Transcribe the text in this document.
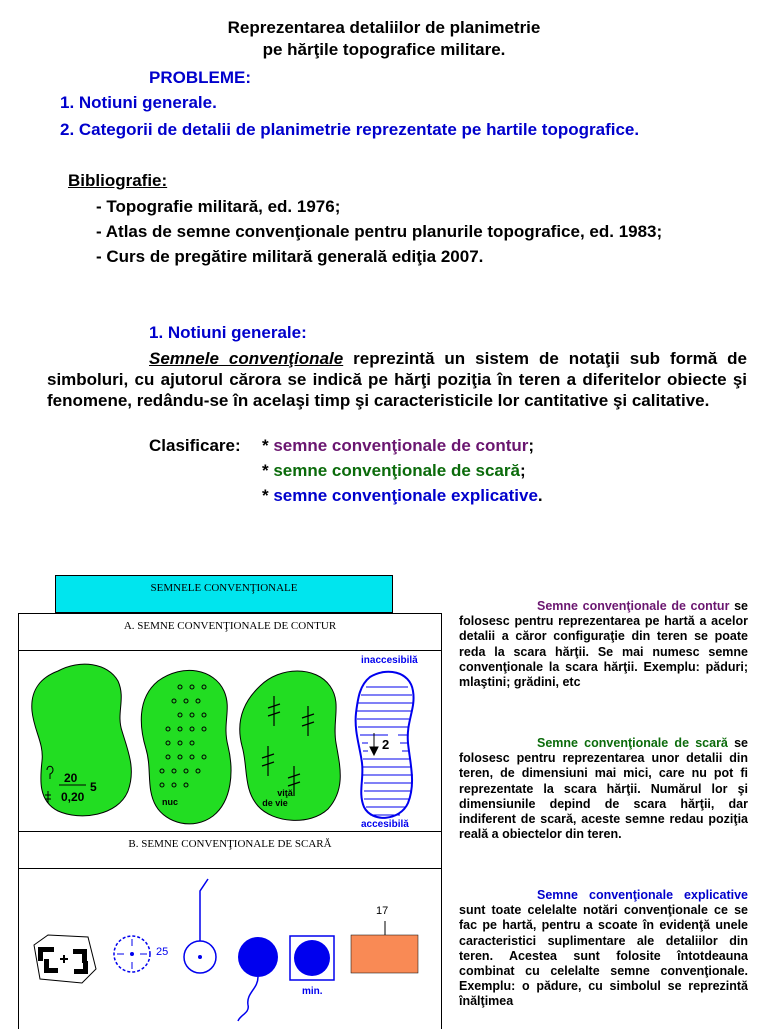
Reprezentarea detaliilor de planimetrie
pe hărţile topografice militare.
PROBLEME:
1. Notiuni generale.
2. Categorii de detalii de planimetrie reprezentate pe hartile topografice.
Bibliografie:
- Topografie militară, ed. 1976;
- Atlas de semne convenţionale pentru planurile topografice, ed. 1983;
- Curs de pregătire militară generală ediţia 2007.
1. Notiuni generale:
Semnele convenţionale reprezintă un sistem de notaţii sub formă de simboluri, cu ajutorul cărora se indică pe hărţi poziţia în teren a diferitelor obiecte şi fenomene, redându-se în acelaşi timp şi caracteristicile lor cantitative şi calitative.
Clasificare: * semne convenţionale de contur;
* semne convenţionale de scară;
* semne convenţionale explicative.
SEMNELE CONVENŢIONALE
A. SEMNE CONVENŢIONALE DE CONTUR
B. SEMNE CONVENŢIONALE DE SCARĂ
inaccesibilă
accesibilă
20
0,20
5
nuc
viţă
de vie
2
25
min.
17
Semne convenţionale de contur se folosesc pentru reprezentarea pe hartă a acelor detalii a căror configuraţie din teren se poate reda la scara hărţii. Se mai numesc semne convenţionale la scara hărţii. Exemplu: păduri; mlaştini; grădini, etc
Semne convenţionale de scară se folosesc pentru reprezentarea unor detalii din teren, de dimensiuni mai mici, care nu pot fi reprezentate la scara hărţii. Numărul lor şi dimensiunile depind de scara hărţii, dar indiferent de scară, aceste semne redau poziţia reală a obiectelor din teren.
Semne convenţionale explicative sunt toate celelalte notări convenţionale ce se fac pe hartă, pentru a scoate în evidenţă unele caracteristici suplimentare ale detaliilor din teren. Acestea sunt folosite întotdeauna combinat cu celelalte semne convenţionale. Exemplu: o pădure, cu simbolul se reprezintă înălţimea
